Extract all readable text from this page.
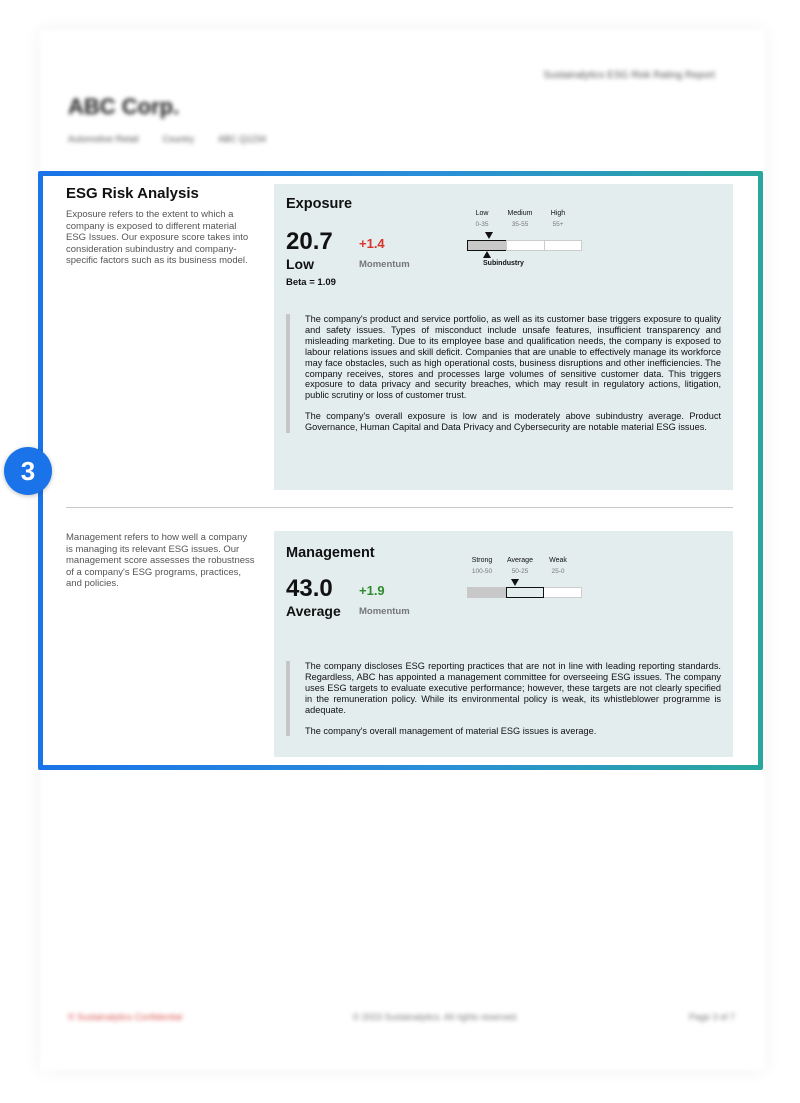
Sustainalytics ESG Risk Rating Report
ABC Corp.
Automotive Retail	Country	ABC Q1234
© Sustainalytics Confidential	© 2023 Sustainalytics. All rights reserved.	Page 3 of 7
3
ESG Risk Analysis
Exposure refers to the extent to which a company is exposed to different material ESG Issues. Our exposure score takes into consideration subindustry and company-specific factors such as its business model.
Management refers to how well a company is managing its relevant ESG issues. Our management score assesses the robustness of a company's ESG programs, practices, and policies.
Exposure
20.7 +1.4
Low	Momentum
Beta = 1.09
Low	Medium	High
0-35	35-55	55+
Subindustry

The company's product and service portfolio, as well as its customer base triggers exposure to quality and safety issues. Types of misconduct include unsafe features, insufficient transparency and misleading marketing. Due to its employee base and qualification needs, the company is exposed to labour relations issues and skill deficit. Companies that are unable to effectively manage its workforce may face obstacles, such as high operational costs, business disruptions and other inefficiencies. The company receives, stores and processes large volumes of sensitive customer data. This triggers exposure to data privacy and security breaches, which may result in regulatory actions, litigation, public scrutiny or loss of customer trust.

The company's overall exposure is low and is moderately above subindustry average. Product Governance, Human Capital and Data Privacy and Cybersecurity are notable material ESG issues.

Management
43.0 +1.9
Average Momentum
Strong	Average	Weak
100-50	50-25	25-0

The company discloses ESG reporting practices that are not in line with leading reporting standards. Regardless, ABC has appointed a management committee for overseeing ESG issues. The company uses ESG targets to evaluate executive performance; however, these targets are not clearly specified in the remuneration policy. While its environmental policy is weak, its whistleblower programme is adequate.

The company's overall management of material ESG issues is average.
